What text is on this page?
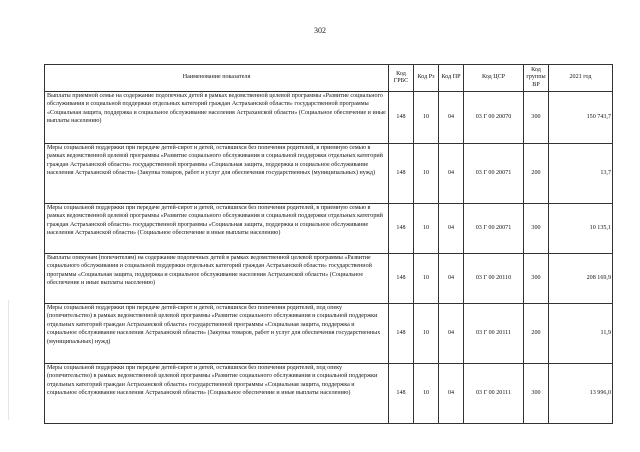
302
Наименование показателя	Код ГРБС	Код Рз	Код ПР	Код ЦСР	Код группы ВР	2021 год
Выплаты приемной семье на содержание подопечных детей в рамках ведомственной целевой программы «Развитие социального обслуживания и социальной поддержки отдельных категорий граждан Астраханской области» государственной программы «Социальная защита, поддержка и социальное обслуживание населения Астраханской области» (Социальное обеспечение и иные выплаты населению)	148	10	04	03 Г 00 20070	300	150 743,7
Меры социальной поддержки при передаче детей-сирот и детей, оставшихся без попечения родителей, в приемную семью в рамках ведомственной целевой программы «Развитие социального обслуживания и социальной поддержки отдельных категорий граждан Астраханской области» государственной программы «Социальная защита, поддержка и социальное обслуживание населения Астраханской области» (Закупка товаров, работ и услуг для обеспечения государственных (муниципальных) нужд)	148	10	04	03 Г 00 20071	200	13,7
Меры социальной поддержки при передаче детей-сирот и детей, оставшихся без попечения родителей, в приемную семью в рамках ведомственной целевой программы «Развитие социального обслуживания и социальной поддержки отдельных категорий граждан Астраханской области» государственной программы «Социальная защита, поддержка и социальное обслуживание населения Астраханской области» (Социальное обеспечение и иные выплаты населению)	148	10	04	03 Г 00 20071	300	10 135,1
Выплаты опекунам (попечителям) на содержание подопечных детей в рамках ведомственной целевой программы «Развитие социального обслуживания и социальной поддержки отдельных категорий граждан Астраханской области» государственной программы «Социальная защита, поддержка и социальное обслуживание населения Астраханской области» (Социальное обеспечение и иные выплаты населению)	148	10	04	03 Г 00 20110	300	208 169,9
Меры социальной поддержки при передаче детей-сирот и детей, оставшихся без попечения родителей, под опеку (попечительство) в рамках ведомственной целевой программы «Развитие социального обслуживания и социальной поддержки отдельных категорий граждан Астраханской области» государственной программы «Социальная защита, поддержка и социальное обслуживание населения Астраханской области» (Закупка товаров, работ и услуг для обеспечения государственных (муниципальных) нужд)	148	10	04	03 Г 00 20111	200	11,9
Меры социальной поддержки при передаче детей-сирот и детей, оставшихся без попечения родителей, под опеку (попечительство) в рамках ведомственной целевой программы «Развитие социального обслуживания и социальной поддержки отдельных категорий граждан Астраханской области» государственной программы «Социальная защита, поддержка и социальное обслуживание населения Астраханской области» (Социальное обеспечение и иные выплаты населению)	148	10	04	03 Г 00 20111	300	13 996,0
